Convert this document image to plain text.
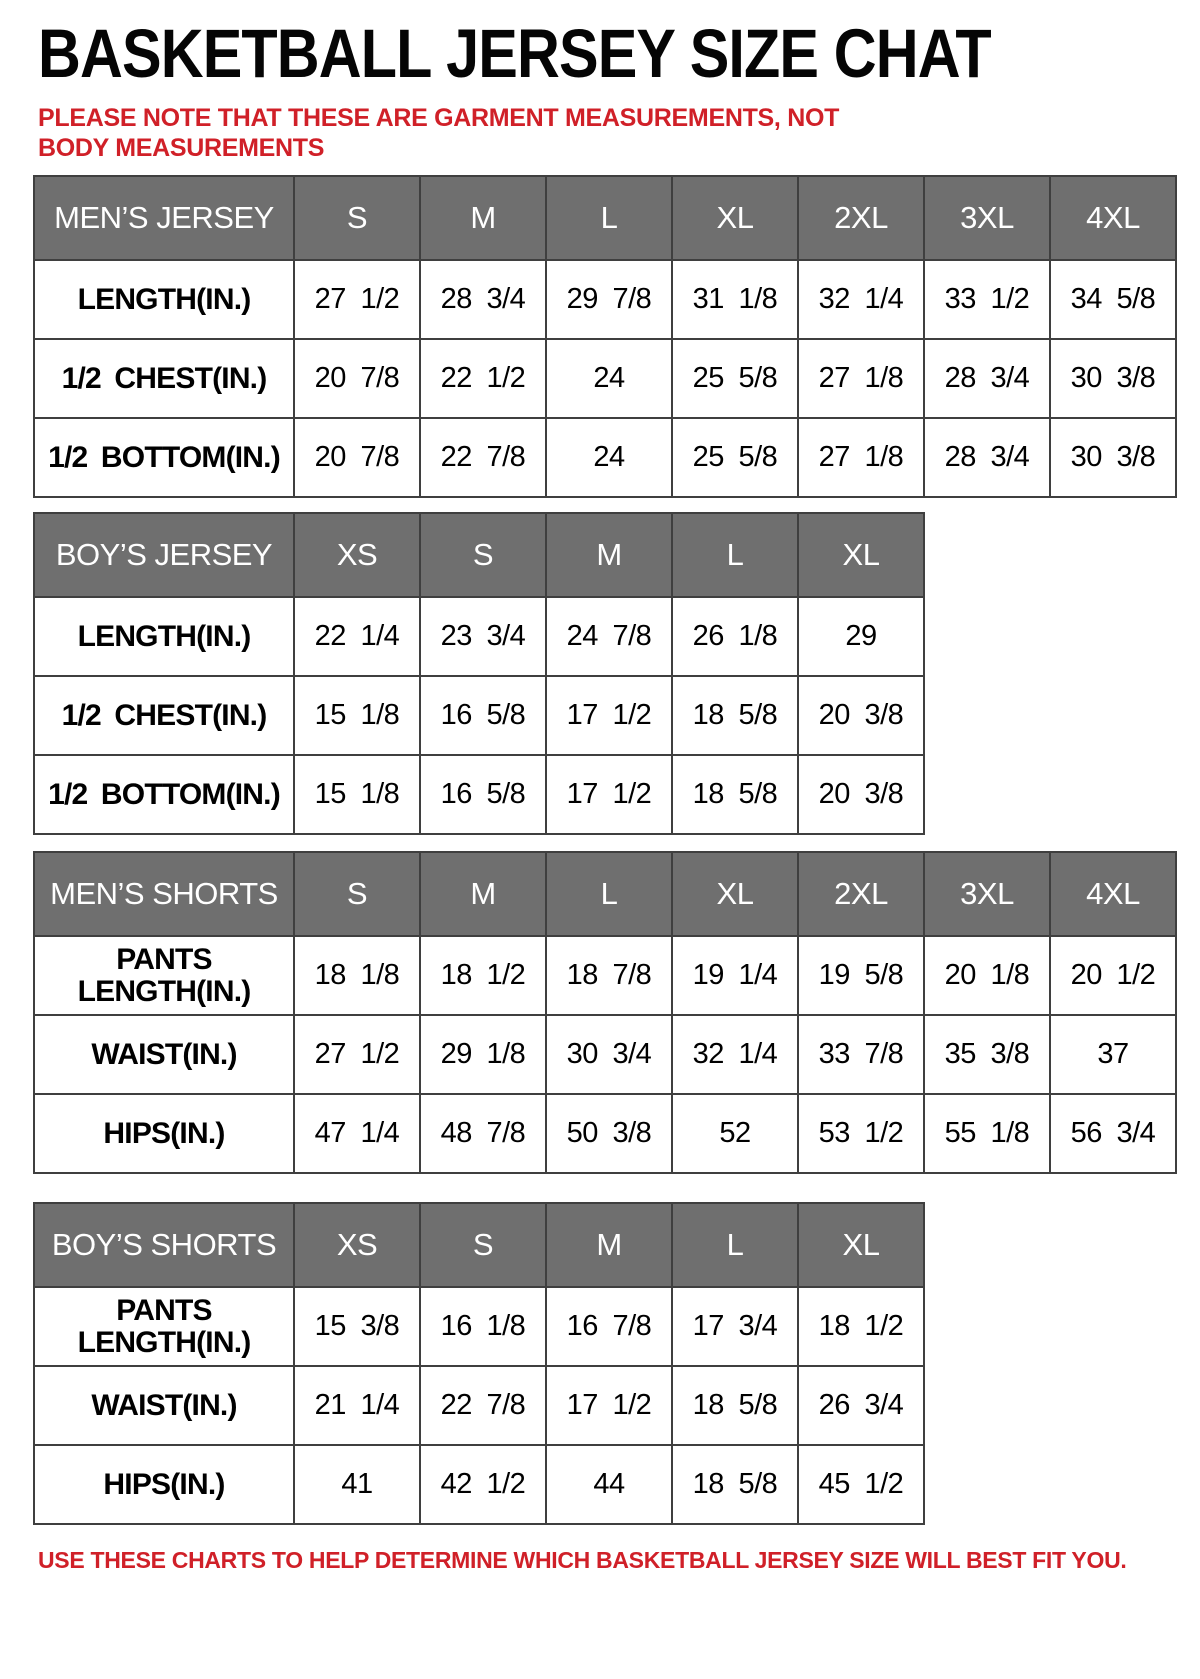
BASKETBALL JERSEY SIZE CHAT

PLEASE NOTE THAT THESE ARE GARMENT MEASUREMENTS, NOT BODY MEASUREMENTS

MEN’S JERSEY	S	M	L	XL	2XL	3XL	4XL
LENGTH(IN.)	27 1/2	28 3/4	29 7/8	31 1/8	32 1/4	33 1/2	34 5/8
1/2 CHEST(IN.)	20 7/8	22 1/2	24	25 5/8	27 1/8	28 3/4	30 3/8
1/2 BOTTOM(IN.)	20 7/8	22 7/8	24	25 5/8	27 1/8	28 3/4	30 3/8
BOY’S JERSEY	XS	S	M	L	XL
LENGTH(IN.)	22 1/4	23 3/4	24 7/8	26 1/8	29
1/2 CHEST(IN.)	15 1/8	16 5/8	17 1/2	18 5/8	20 3/8
1/2 BOTTOM(IN.)	15 1/8	16 5/8	17 1/2	18 5/8	20 3/8
MEN’S SHORTS	S	M	L	XL	2XL	3XL	4XL
PANTS LENGTH(IN.)	18 1/8	18 1/2	18 7/8	19 1/4	19 5/8	20 1/8	20 1/2
WAIST(IN.)	27 1/2	29 1/8	30 3/4	32 1/4	33 7/8	35 3/8	37
HIPS(IN.)	47 1/4	48 7/8	50 3/8	52	53 1/2	55 1/8	56 3/4
BOY’S SHORTS	XS	S	M	L	XL
PANTS LENGTH(IN.)	15 3/8	16 1/8	16 7/8	17 3/4	18 1/2
WAIST(IN.)	21 1/4	22 7/8	17 1/2	18 5/8	26 3/4
HIPS(IN.)	41	42 1/2	44	18 5/8	45 1/2

USE THESE CHARTS TO HELP DETERMINE WHICH BASKETBALL JERSEY SIZE WILL BEST FIT YOU.
